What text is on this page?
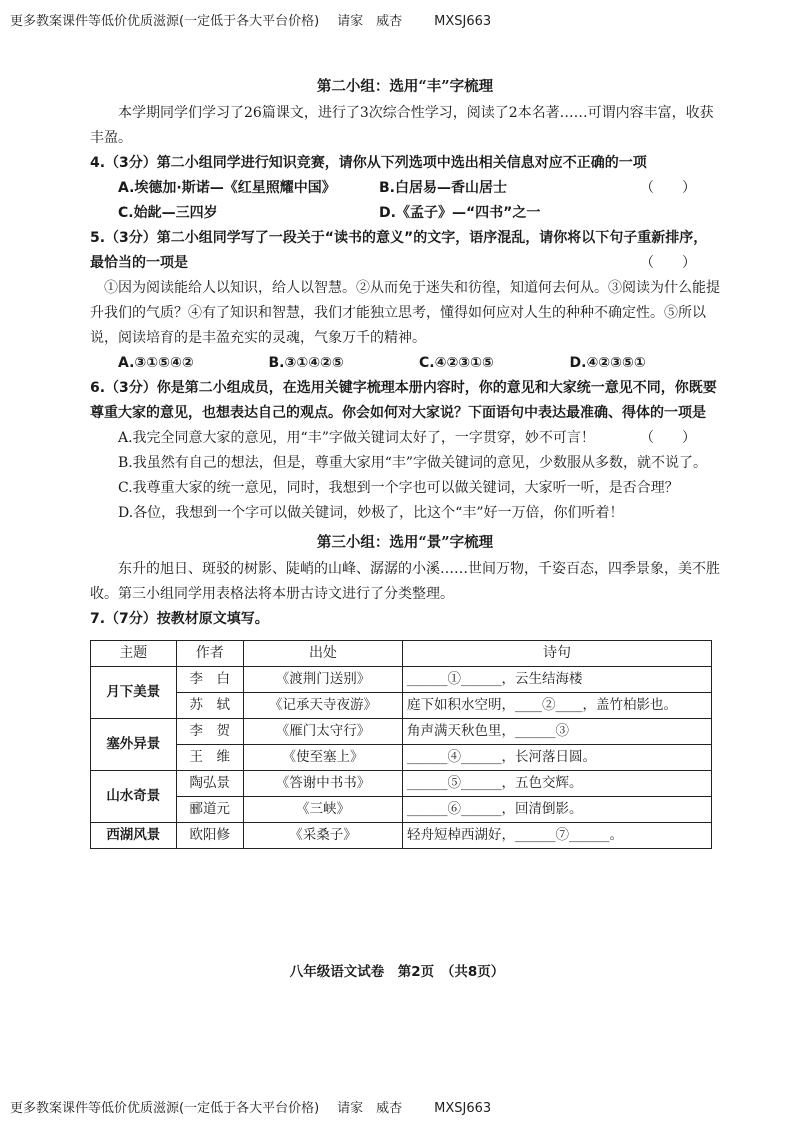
更多教案课件等低价优质滋源(一定低于各大平台价格) 请家　威杏 MXSJ663

第二小组：选用“丰”字梳理

本学期同学们学习了26篇课文，进行了3次综合性学习，阅读了2本名著……可谓内容丰富，收获丰盈。

4.（3分）第二小组同学进行知识竞赛，请你从下列选项中选出相关信息对应不正确的一项
（　　）

A.埃德加·斯诺—《红星照耀中国》	B.白居易—香山居士
C.始龀—三四岁	D.《孟子》—“四书”之一

5.（3分）第二小组同学写了一段关于“读书的意义”的文字，语序混乱，请你将以下句子重新排序，最恰当的一项是	（　　）

①因为阅读能给人以知识，给人以智慧。②从而免于迷失和彷徨，知道何去何从。③阅读为什么能提升我们的气质？④有了知识和智慧，我们才能独立思考，懂得如何应对人生的种种不确定性。⑤所以说，阅读培育的是丰盈充实的灵魂，气象万千的精神。

A.③①⑤④②	B.③①④②⑤	C.④②③①⑤	D.④②③⑤①

6.（3分）你是第二小组成员，在选用关键字梳理本册内容时，你的意见和大家统一意见不同，你既要尊重大家的意见，也想表达自己的观点。你会如何对大家说？下面语句中表达最准确、得体的一项是
（　　）

A.我完全同意大家的意见，用“丰”字做关键词太好了，一字贯穿，妙不可言！

B.我虽然有自己的想法，但是，尊重大家用“丰”字做关键词的意见，少数服从多数，就不说了。

C.我尊重大家的统一意见，同时，我想到一个字也可以做关键词，大家听一听，是否合理？

D.各位，我想到一个字可以做关键词，妙极了，比这个“丰”好一万倍，你们听着！

第三小组：选用“景”字梳理

东升的旭日、斑驳的树影、陡峭的山峰、潺潺的小溪……世间万物，千姿百态，四季景象，美不胜收。第三小组同学用表格法将本册古诗文进行了分类整理。

7.（7分）按教材原文填写。

主题	作者	出处	诗句
月下美景	李　白	《渡荆门送别》	______①______，云生结海楼
	苏　轼	《记承天寺夜游》	庭下如积水空明，____②____，盖竹柏影也。
塞外异景	李　贺	《雁门太守行》	角声满天秋色里，______③
	王　维	《使至塞上》	______④______，长河落日圆。
山水奇景	陶弘景	《答谢中书书》	______⑤______，五色交辉。
	郦道元	《三峡》	______⑥______，回清倒影。
西湖风景	欧阳修	《采桑子》	轻舟短棹西湖好，______⑦______。
八年级语文试卷　第2页　（共8页）
更多教案课件等低价优质滋源(一定低于各大平台价格) 请家　威杏 MXSJ663
